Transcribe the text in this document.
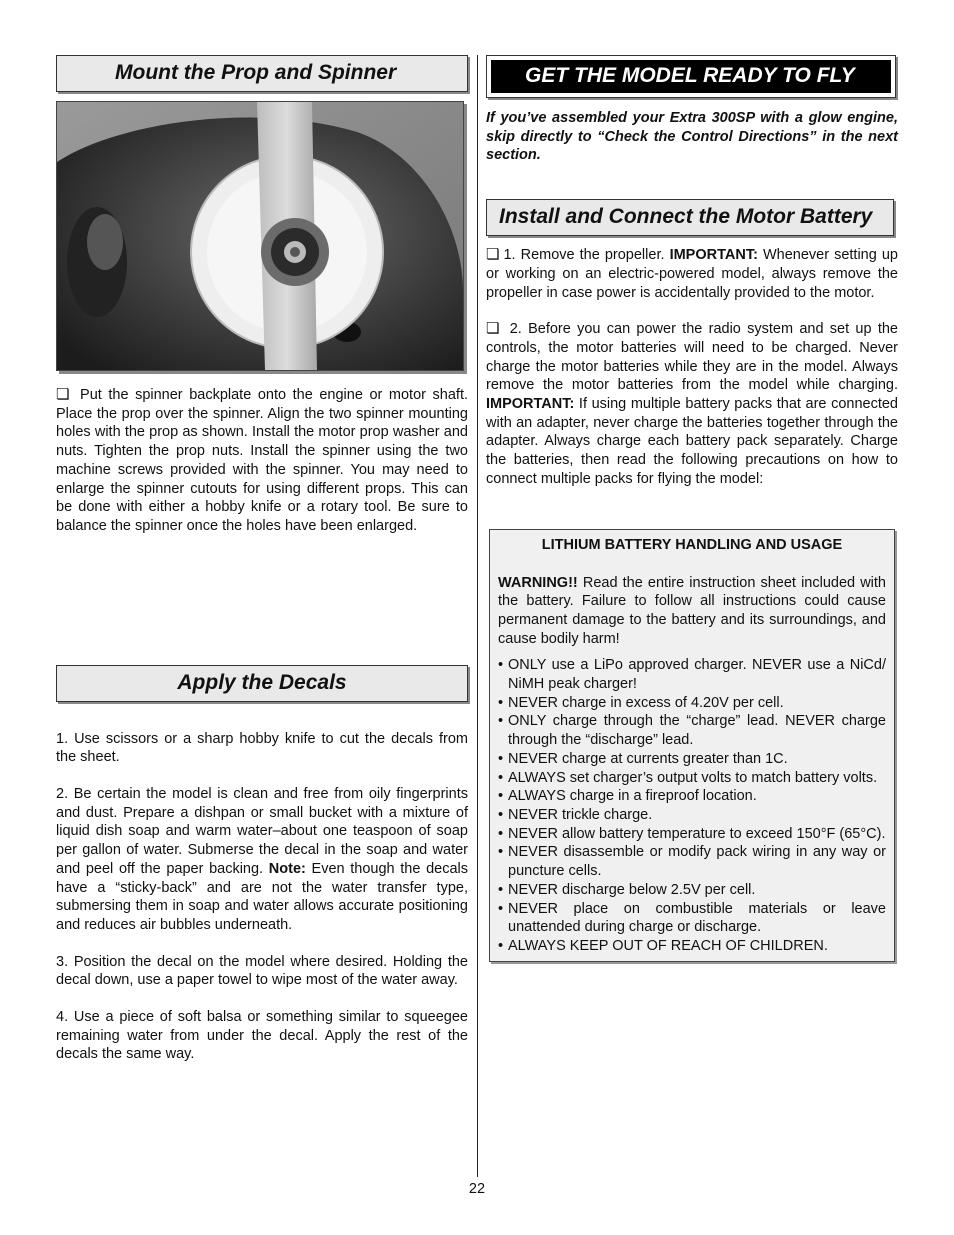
Mount the Prop and Spinner

❏ Put the spinner backplate onto the engine or motor shaft. Place the prop over the spinner. Align the two spinner mounting holes with the prop as shown. Install the motor prop washer and nuts. Tighten the prop nuts. Install the spinner using the two machine screws provided with the spinner. You may need to enlarge the spinner cutouts for using different props. This can be done with either a hobby knife or a rotary tool. Be sure to balance the spinner once the holes have been enlarged.

Apply the Decals

1. Use scissors or a sharp hobby knife to cut the decals from the sheet.

2. Be certain the model is clean and free from oily fingerprints and dust. Prepare a dishpan or small bucket with a mixture of liquid dish soap and warm water–about one teaspoon of soap per gallon of water. Submerse the decal in the soap and water and peel off the paper backing. Note: Even though the decals have a “sticky-back” and are not the water transfer type, submersing them in soap and water allows accurate positioning and reduces air bubbles underneath.

3. Position the decal on the model where desired. Holding the decal down, use a paper towel to wipe most of the water away.

4. Use a piece of soft balsa or something similar to squeegee remaining water from under the decal. Apply the rest of the decals the same way.

GET THE MODEL READY TO FLY

If you’ve assembled your Extra 300SP with a glow engine, skip directly to “Check the Control Directions” in the next section.

Install and Connect the Motor Battery

❏ 1. Remove the propeller. IMPORTANT: Whenever setting up or working on an electric-powered model, always remove the propeller in case power is accidentally provided to the motor.

❏ 2. Before you can power the radio system and set up the controls, the motor batteries will need to be charged. Never charge the motor batteries while they are in the model. Always remove the motor batteries from the model while charging. IMPORTANT: If using multiple battery packs that are connected with an adapter, never charge the batteries together through the adapter. Always charge each battery pack separately. Charge the batteries, then read the following precautions on how to connect multiple packs for flying the model:

LITHIUM BATTERY HANDLING AND USAGE

WARNING!! Read the entire instruction sheet included with the battery. Failure to follow all instructions could cause permanent damage to the battery and its surroundings, and cause bodily harm!

• ONLY use a LiPo approved charger. NEVER use a NiCd/ NiMH peak charger!
• NEVER charge in excess of 4.20V per cell.
• ONLY charge through the “charge” lead. NEVER charge through the “discharge” lead.
• NEVER charge at currents greater than 1C.
• ALWAYS set charger’s output volts to match battery volts.
• ALWAYS charge in a fireproof location.
• NEVER trickle charge.
• NEVER allow battery temperature to exceed 150°F (65°C).
• NEVER disassemble or modify pack wiring in any way or puncture cells.
• NEVER discharge below 2.5V per cell.
• NEVER place on combustible materials or leave unattended during charge or discharge.
• ALWAYS KEEP OUT OF REACH OF CHILDREN.
22
